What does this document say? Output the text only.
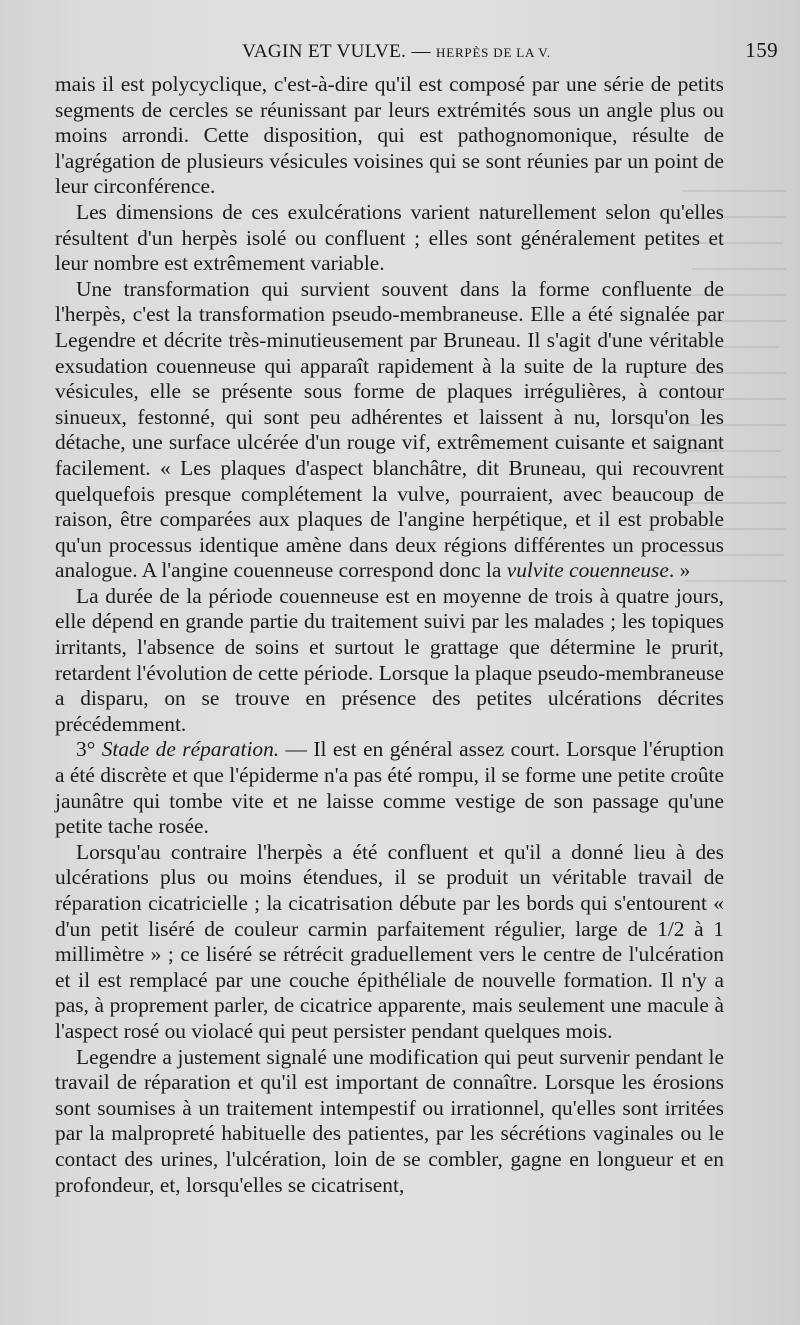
VAGIN ET VULVE. — HERPÈS DE LA V.	159

mais il est polycyclique, c'est-à-dire qu'il est composé par une série de petits segments de cercles se réunissant par leurs extrémités sous un angle plus ou moins arrondi. Cette disposition, qui est pathognomonique, résulte de l'agrégation de plusieurs vésicules voisines qui se sont réunies par un point de leur circonférence.

Les dimensions de ces exulcérations varient naturellement selon qu'elles résultent d'un herpès isolé ou confluent ; elles sont généralement petites et leur nombre est extrêmement variable.

Une transformation qui survient souvent dans la forme confluente de l'herpès, c'est la transformation pseudo-membraneuse. Elle a été signalée par Legendre et décrite très-minutieusement par Bruneau. Il s'agit d'une véritable exsudation couenneuse qui apparaît rapidement à la suite de la rupture des vésicules, elle se présente sous forme de plaques irrégulières, à contour sinueux, festonné, qui sont peu adhérentes et laissent à nu, lorsqu'on les détache, une surface ulcérée d'un rouge vif, extrêmement cuisante et saignant facilement. « Les plaques d'aspect blanchâtre, dit Bruneau, qui recouvrent quelquefois presque complétement la vulve, pourraient, avec beaucoup de raison, être comparées aux plaques de l'angine herpétique, et il est probable qu'un processus identique amène dans deux régions différentes un processus analogue. A l'angine couenneuse correspond donc la vulvite couenneuse. »

La durée de la période couenneuse est en moyenne de trois à quatre jours, elle dépend en grande partie du traitement suivi par les malades ; les topiques irritants, l'absence de soins et surtout le grattage que détermine le prurit, retardent l'évolution de cette période. Lorsque la plaque pseudo-membraneuse a disparu, on se trouve en présence des petites ulcérations décrites précédemment.

3° Stade de réparation. — Il est en général assez court. Lorsque l'éruption a été discrète et que l'épiderme n'a pas été rompu, il se forme une petite croûte jaunâtre qui tombe vite et ne laisse comme vestige de son passage qu'une petite tache rosée.

Lorsqu'au contraire l'herpès a été confluent et qu'il a donné lieu à des ulcérations plus ou moins étendues, il se produit un véritable travail de réparation cicatricielle ; la cicatrisation débute par les bords qui s'entourent « d'un petit liséré de couleur carmin parfaitement régulier, large de 1/2 à 1 millimètre » ; ce liséré se rétrécit graduellement vers le centre de l'ulcération et il est remplacé par une couche épithéliale de nouvelle formation. Il n'y a pas, à proprement parler, de cicatrice apparente, mais seulement une macule à l'aspect rosé ou violacé qui peut persister pendant quelques mois.

Legendre a justement signalé une modification qui peut survenir pendant le travail de réparation et qu'il est important de connaître. Lorsque les érosions sont soumises à un traitement intempestif ou irrationnel, qu'elles sont irritées par la malpropreté habituelle des patientes, par les sécrétions vaginales ou le contact des urines, l'ulcération, loin de se combler, gagne en longueur et en profondeur, et, lorsqu'elles se cicatrisent,
